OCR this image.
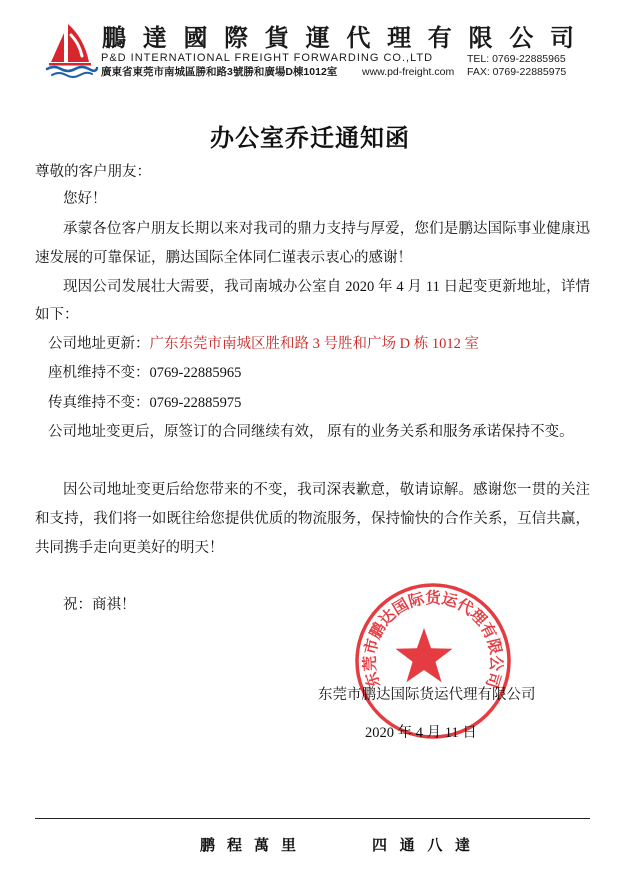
鵬 達 國 際 貨 運 代 理 有 限 公 司
P&D INTERNATIONAL FREIGHT FORWARDING CO.,LTD	TEL: 0769-22885965
廣東省東莞市南城區勝和路3號勝和廣場D棟1012室 www.pd-freight.com FAX: 0769-22885975
办公室乔迁通知函
尊敬的客户朋友：
您好！
承蒙各位客户朋友长期以来对我司的鼎力支持与厚爱，您们是鹏达国际事业健康迅
速发展的可靠保证，鹏达国际全体同仁谨表示衷心的感谢！
现因公司发展壮大需要，我司南城办公室自 2020 年 4 月 11 日起变更新地址，详情
如下：
公司地址更新：广东东莞市南城区胜和路 3 号胜和广场 D 栋 1012 室
座机维持不变：0769-22885965
传真维持不变：0769-22885975
公司地址变更后，原签订的合同继续有效， 原有的业务关系和服务承诺保持不变。
因公司地址变更后给您带来的不变，我司深表歉意，敬请谅解。感谢您一贯的关注
和支持，我们将一如既往给您提供优质的物流服务，保持愉快的合作关系，互信共赢，
共同携手走向更美好的明天！
祝：商祺！
东莞市鹏达国际货运代理有限公司
2020 年 4 月 11 日
东莞市鹏达国际货运代理有限公司
鹏 程 萬 里	四 通 八 達
